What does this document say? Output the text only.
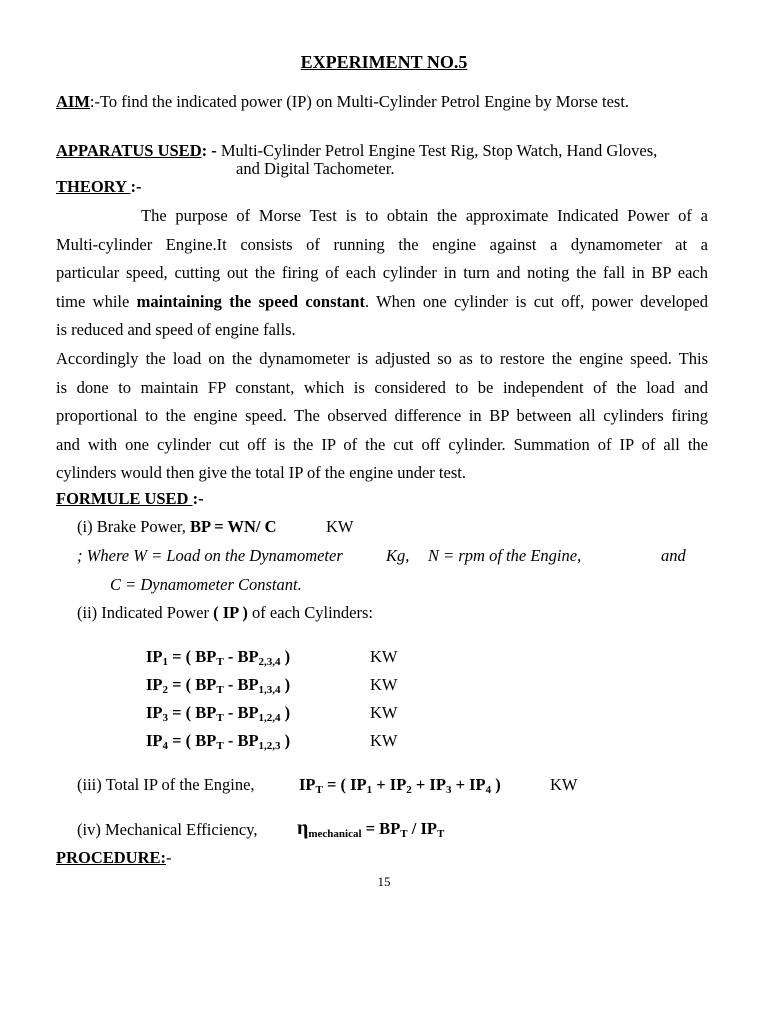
EXPERIMENT NO.5
AIM:-To find the indicated power (IP) on Multi-Cylinder Petrol Engine by Morse test.
APPARATUS USED: - Multi-Cylinder Petrol Engine Test Rig, Stop Watch, Hand Gloves,
and Digital Tachometer.
THEORY :-
The purpose of Morse Test is to obtain the approximate Indicated Power of a
Multi-cylinder Engine.It consists of running the engine against a dynamometer at a
particular speed, cutting out the firing of each cylinder in turn and noting the fall in BP each
time while maintaining the speed constant. When one cylinder is cut off, power developed
is reduced and speed of engine falls.
Accordingly the load on the dynamometer is adjusted so as to restore the engine speed. This
is done to maintain FP constant, which is considered to be independent of the load and
proportional to the engine speed. The observed difference in BP between all cylinders firing
and with one cylinder cut off is the IP of the cut off cylinder. Summation of IP of all the
cylinders would then give the total IP of the engine under test.
FORMULE USED :-
(i) Brake Power, BP = WN/ C	KW
; Where W = Load on the Dynamometer	Kg, N = rpm of the Engine,	and
C = Dynamometer Constant.
(ii) Indicated Power ( IP ) of each Cylinders:
$IP_1$ = ( $BP_T - BP_{2,3,4}$ )	KW
$IP_2$ = ( $BP_T - BP_{1,3,4}$ )	KW
$IP_3$ = ( $BP_T - BP_{1,2,4}$ )	KW
$IP_4$ = ( $BP_T - BP_{1,2,3}$ )	KW
(iii) Total IP of the Engine,	$IP_T$ = ( $IP_1 + IP_2 + IP_3 + IP_4$ )	KW
(iv) Mechanical Efficiency, $\eta_{mechanical} = BP_T / IP_T$
PROCEDURE:-
15
